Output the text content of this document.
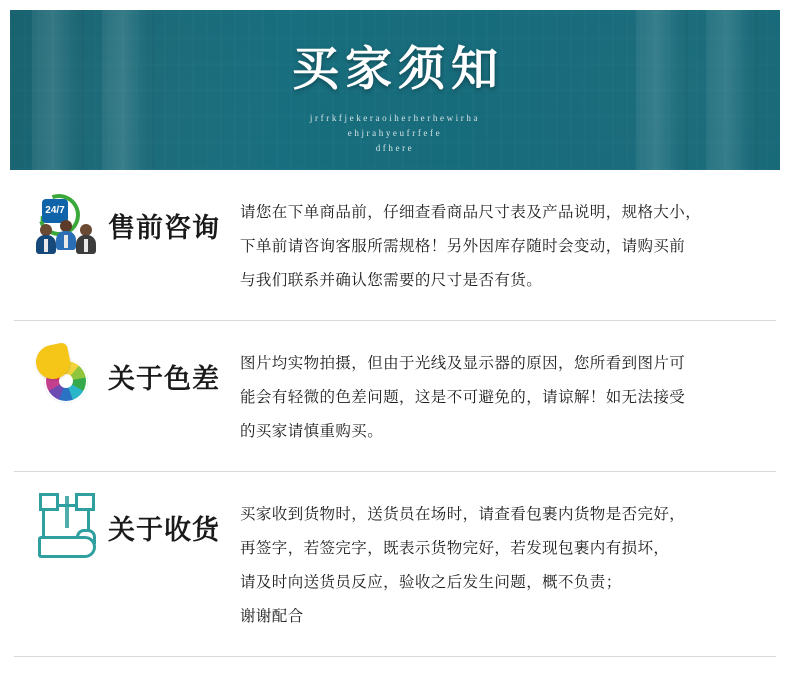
买家须知
jrfrkfjekeraoiherherhewirha
ehjrahyeufrfefe
dfhere
24/7
售前咨询 请您在下单商品前，仔细查看商品尺寸表及产品说明，规格大小，

下单前请咨询客服所需规格！另外因库存随时会变动，请购买前

与我们联系并确认您需要的尺寸是否有货。

关于色差 图片均实物拍摄，但由于光线及显示器的原因，您所看到图片可

能会有轻微的色差问题，这是不可避免的，请谅解！如无法接受

的买家请慎重购买。

关于收货 买家收到货物时，送货员在场时，请查看包裹内货物是否完好，

再签字，若签完字，既表示货物完好，若发现包裹内有损坏，

请及时向送货员反应，验收之后发生问题，概不负责；

谢谢配合
